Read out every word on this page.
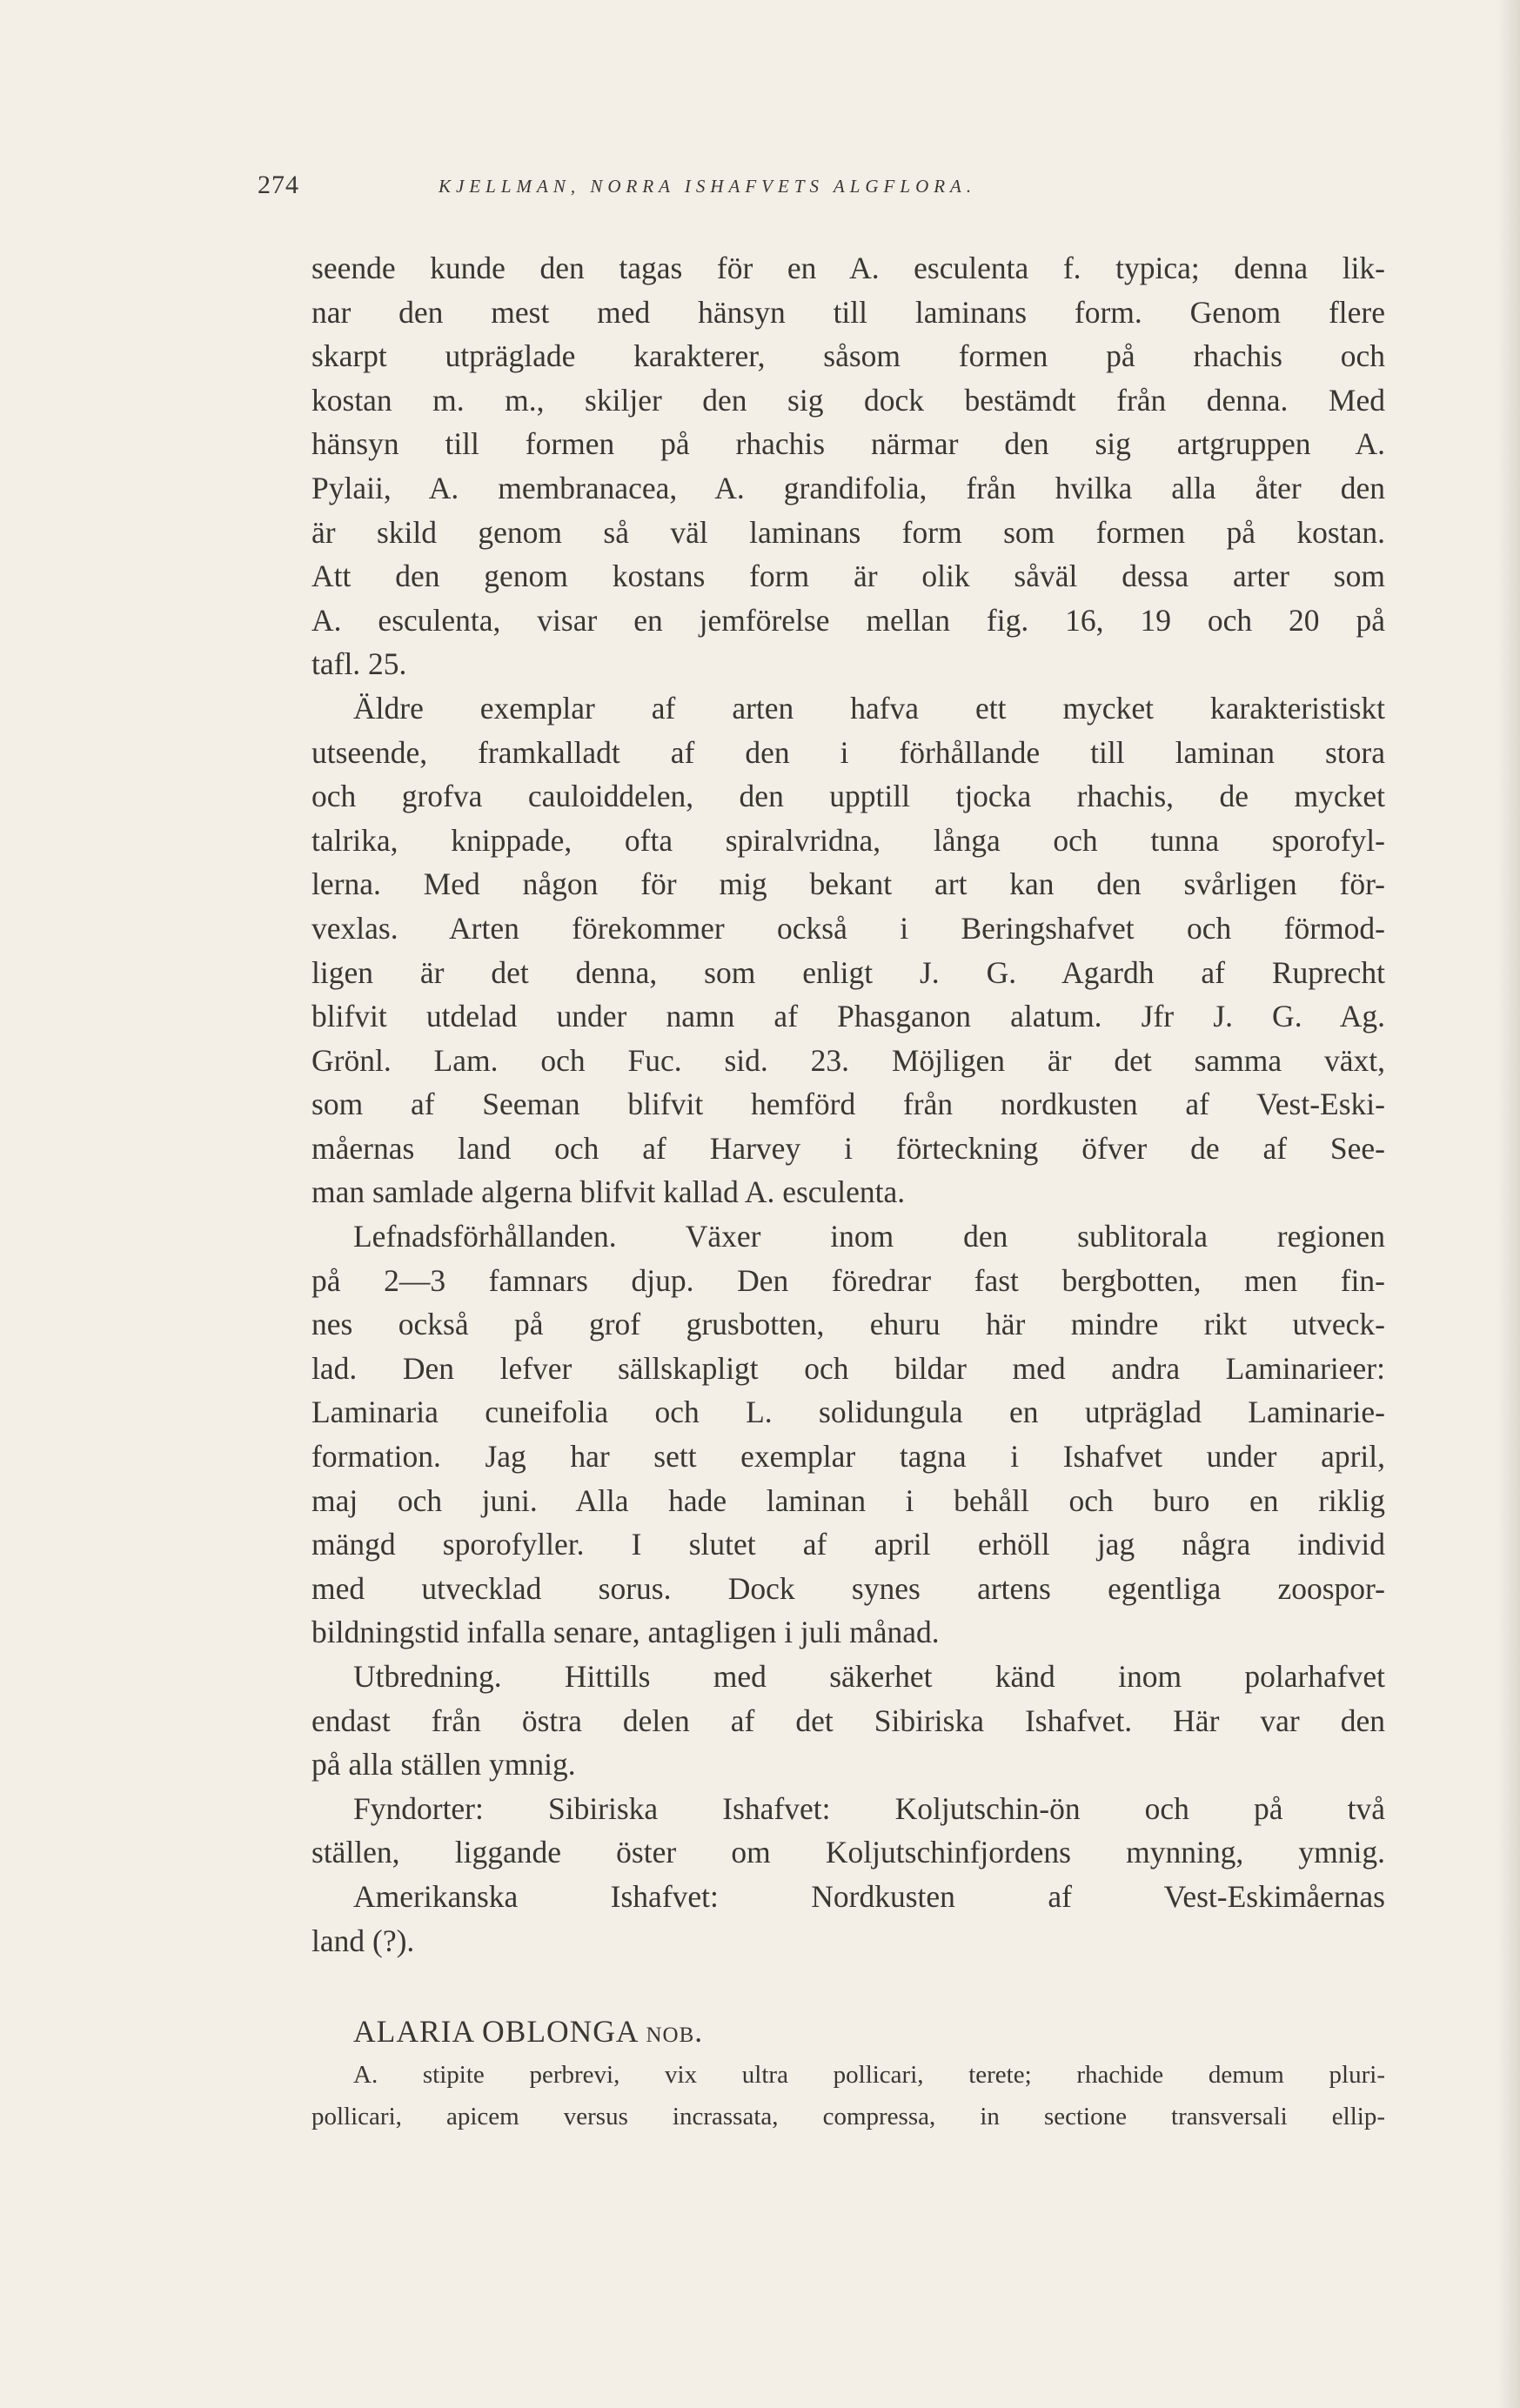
274	KJELLMAN, NORRA ISHAFVETS ALGFLORA.
seende kunde den tagas för en A. esculenta f. typica; denna lik-
nar den mest med hänsyn till laminans form. Genom flere
skarpt utpräglade karakterer, såsom formen på rhachis och
kostan m. m., skiljer den sig dock bestämdt från denna. Med
hänsyn till formen på rhachis närmar den sig artgruppen A.
Pylaii, A. membranacea, A. grandifolia, från hvilka alla åter den
är skild genom så väl laminans form som formen på kostan.
Att den genom kostans form är olik såväl dessa arter som
A. esculenta, visar en jemförelse mellan fig. 16, 19 och 20 på
tafl. 25.
Äldre exemplar af arten hafva ett mycket karakteristiskt
utseende, framkalladt af den i förhållande till laminan stora
och grofva cauloiddelen, den upptill tjocka rhachis, de mycket
talrika, knippade, ofta spiralvridna, långa och tunna sporofyl-
lerna. Med någon för mig bekant art kan den svårligen för-
vexlas. Arten förekommer också i Beringshafvet och förmod-
ligen är det denna, som enligt J. G. Agardh af Ruprecht
blifvit utdelad under namn af Phasganon alatum. Jfr J. G. Ag.
Grönl. Lam. och Fuc. sid. 23. Möjligen är det samma växt,
som af Seeman blifvit hemförd från nordkusten af Vest-Eski-
måernas land och af Harvey i förteckning öfver de af See-
man samlade algerna blifvit kallad A. esculenta.
Lefnadsförhållanden. Växer inom den sublitorala regionen
på 2—3 famnars djup. Den föredrar fast bergbotten, men fin-
nes också på grof grusbotten, ehuru här mindre rikt utveck-
lad. Den lefver sällskapligt och bildar med andra Laminarieer:
Laminaria cuneifolia och L. solidungula en utpräglad Laminarie-
formation. Jag har sett exemplar tagna i Ishafvet under april,
maj och juni. Alla hade laminan i behåll och buro en riklig
mängd sporofyller. I slutet af april erhöll jag några individ
med utvecklad sorus. Dock synes artens egentliga zoospor-
bildningstid infalla senare, antagligen i juli månad.
Utbredning. Hittills med säkerhet känd inom polarhafvet
endast från östra delen af det Sibiriska Ishafvet. Här var den
på alla ställen ymnig.
Fyndorter: Sibiriska Ishafvet: Koljutschin-ön och på två
ställen, liggande öster om Koljutschinfjordens mynning, ymnig.
Amerikanska Ishafvet: Nordkusten af Vest-Eskimåernas
land (?).
ALARIA OBLONGA nob.
A. stipite perbrevi, vix ultra pollicari, terete; rhachide demum pluri-
pollicari, apicem versus incrassata, compressa, in sectione transversali ellip-
